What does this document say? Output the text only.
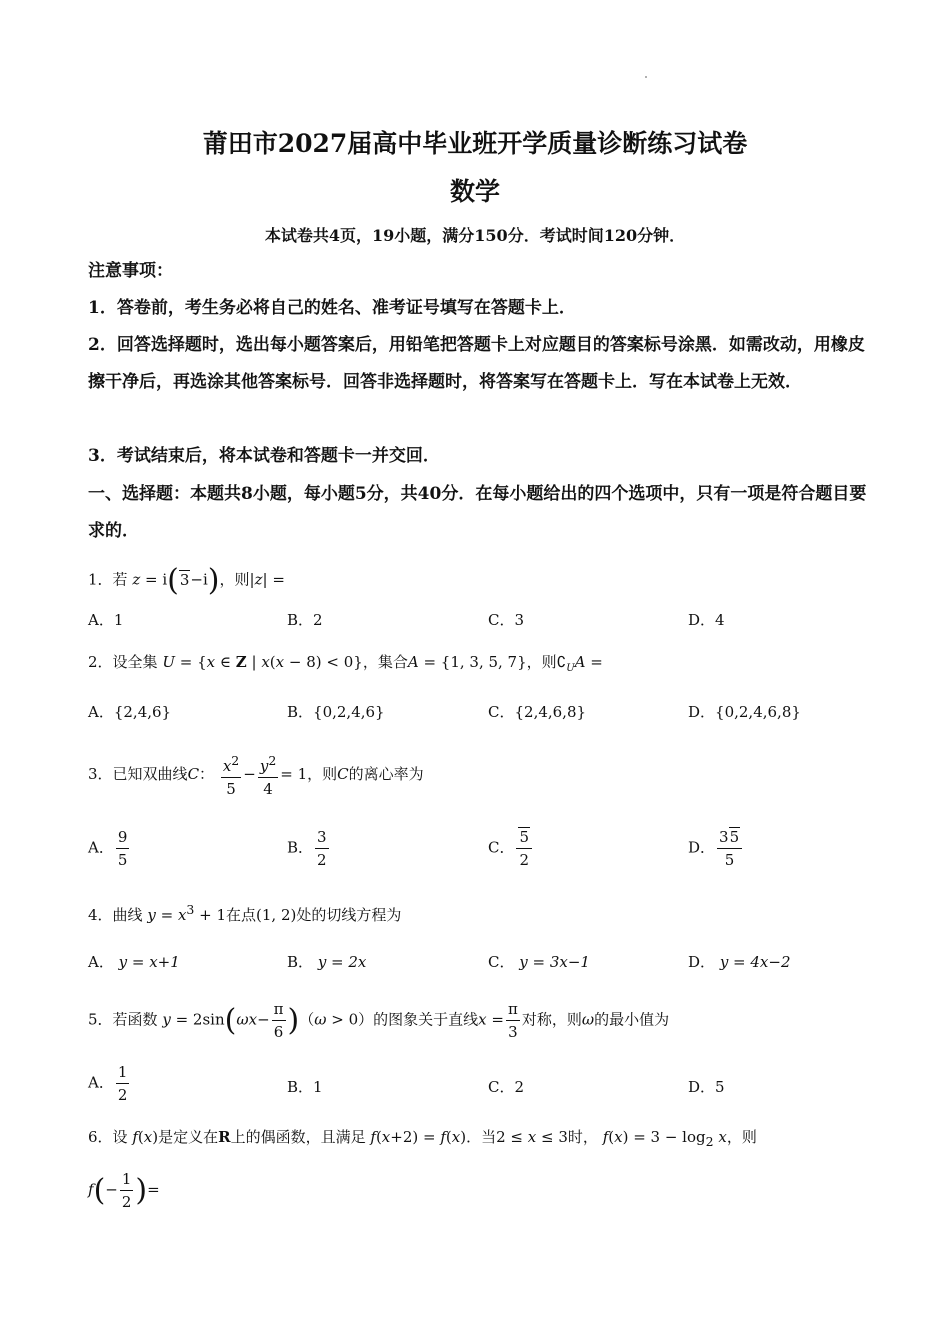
莆田市2027届高中毕业班开学质量诊断练习试卷
数学
本试卷共4页，19小题，满分150分．考试时间120分钟．
注意事项：
1．答卷前，考生务必将自己的姓名、准考证号填写在答题卡上．
2．回答选择题时，选出每小题答案后，用铅笔把答题卡上对应题目的答案标号涂黑．如需改动，用橡皮擦干净后，再选涂其他答案标号．回答非选择题时，将答案写在答题卡上．写在本试卷上无效．
3．考试结束后，将本试卷和答题卡一并交回．
一、选择题：本题共8小题，每小题5分，共40分．在每小题给出的四个选项中，只有一项是符合题目要求的．
1．若 z = i(3−i)，则|z| =
A．1	B．2	C．3	D．4
2．设全集 U = {x ∈ Z | x(x − 8) < 0}，集合A = {1, 3, 5, 7}，则$∁_UA$ =
A．{2,4,6}	B．{0,2,4,6}	C．{2,4,6,8}	D．{0,2,4,6,8}
3．已知双曲线C： $\frac{x^2}{5} - \frac{y^2}{4} = 1$，则C的离心率为
A． $\frac{9}{5}$	B． $\frac{3}{2}$	C． $\frac{5}{2}$	D． $\frac{35}{5}$
4．曲线 $y = x^3 + 1$在点(1, 2)处的切线方程为
A． y = x+1	B． y = 2x	C． y = 3x−1	D． y = 4x−2
5．若函数 $y = 2\sin(\omega x- \frac{\pi}{6} )(\omega > 0)$的图象关于直线$x = \frac{\pi}{3}$ 对称，则ω的最小值为
A． $\frac{1}{2}$	B．1	C．2	D．5
6．设 f(x)是定义在R上的偶函数，且满足 f(x+2) = f(x)．当2 ≤ x ≤ 3时， $f(x) = 3 - \log_2 x$，则
$f(- \frac{1}{2}$ )=
